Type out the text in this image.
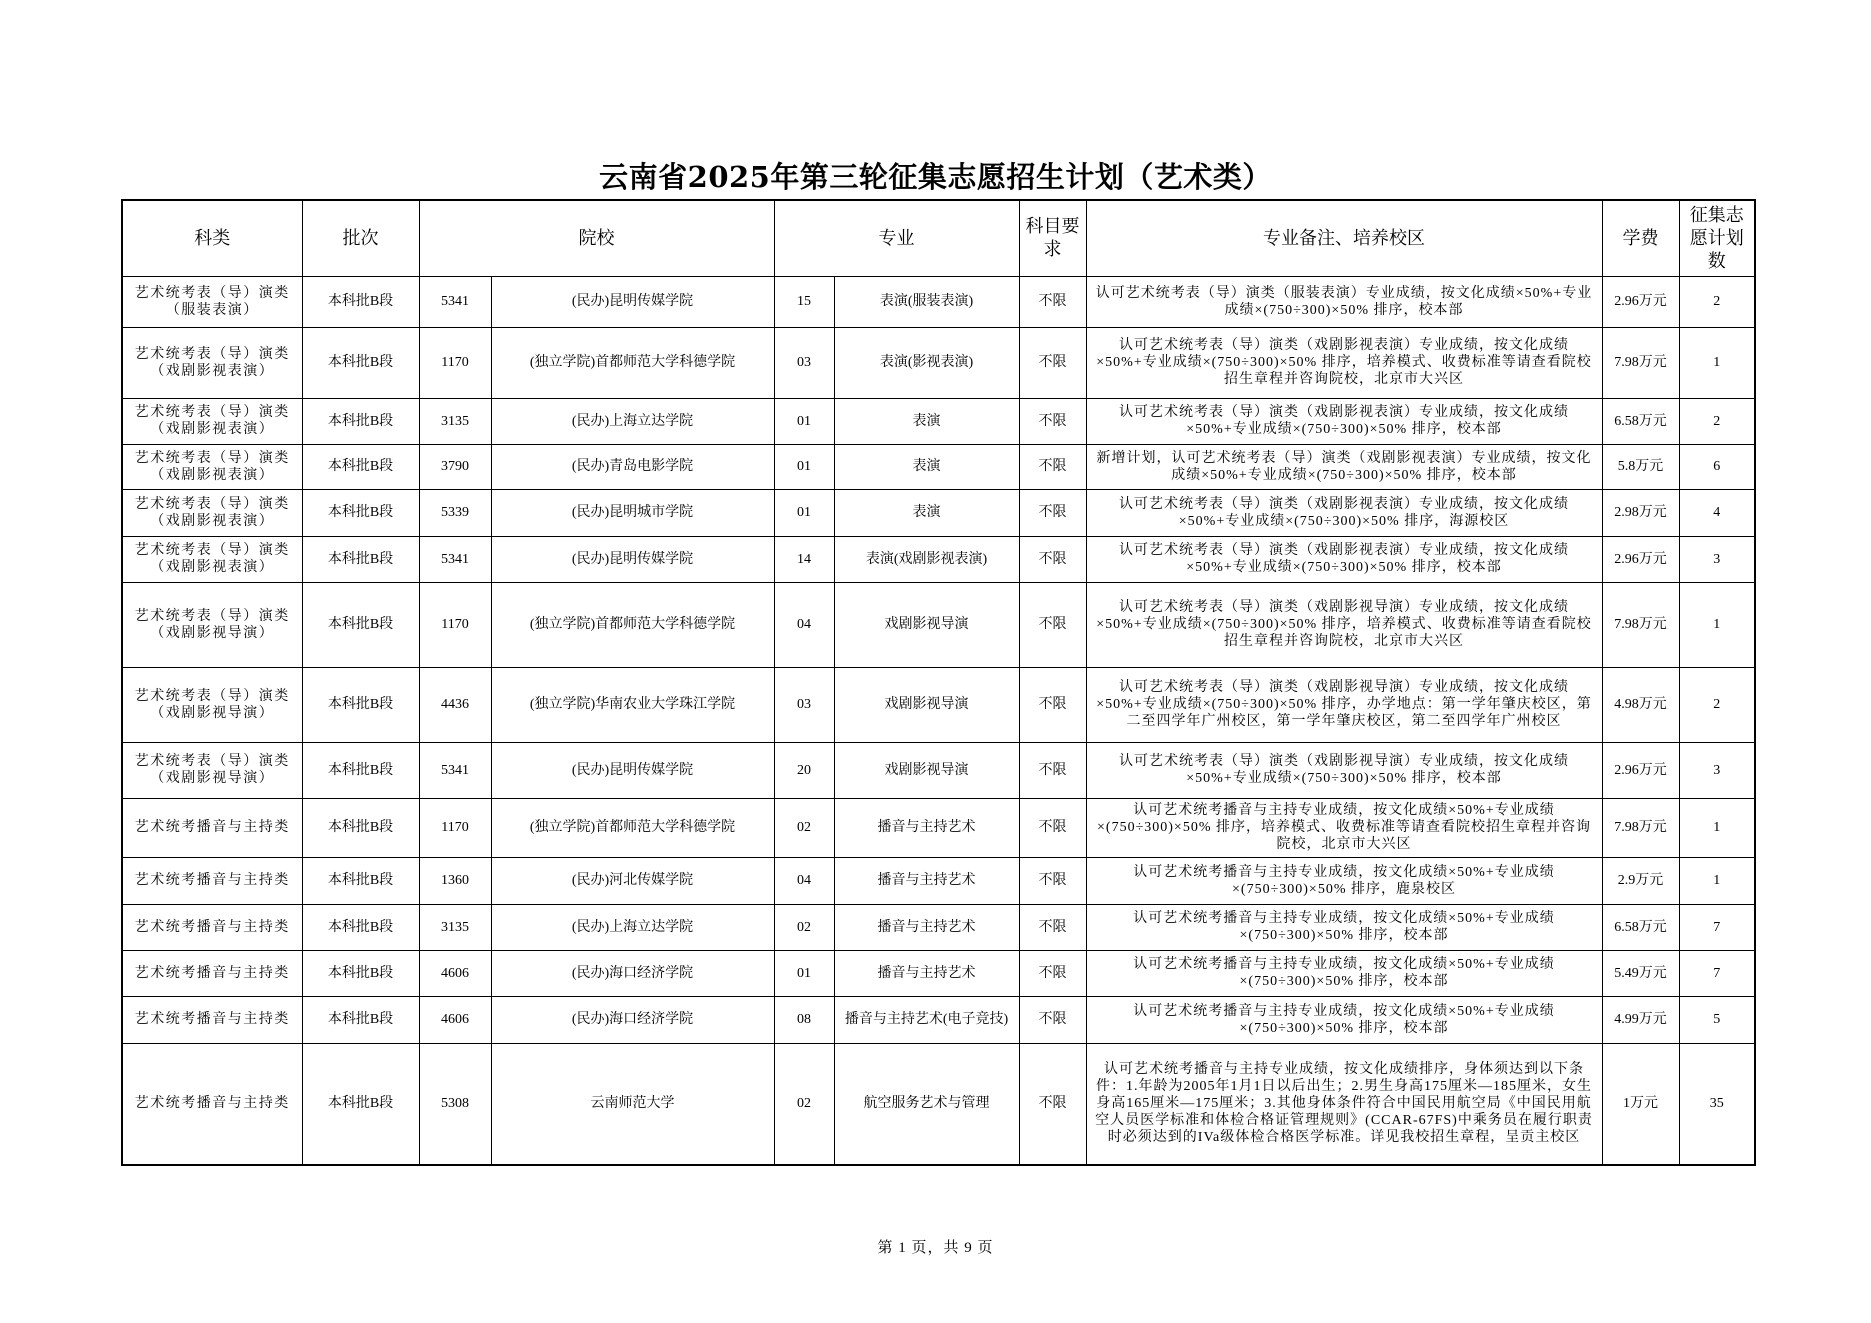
云南省2025年第三轮征集志愿招生计划（艺术类）
科类	批次	院校		专业		科目要求	专业备注、培养校区	学费	征集志愿计划数
艺术统考表（导）演类（服装表演）	本科批B段	5341	(民办)昆明传媒学院	15	表演(服装表演)	不限	认可艺术统考表（导）演类（服装表演）专业成绩，按文化成绩×50%+专业成绩×(750÷300)×50% 排序，校本部	2.96万元	2
艺术统考表（导）演类（戏剧影视表演）	本科批B段	1170	(独立学院)首都师范大学科德学院	03	表演(影视表演)	不限	认可艺术统考表（导）演类（戏剧影视表演）专业成绩，按文化成绩×50%+专业成绩×(750÷300)×50% 排序，培养模式、收费标准等请查看院校招生章程并咨询院校，北京市大兴区	7.98万元	1
艺术统考表（导）演类（戏剧影视表演）	本科批B段	3135	(民办)上海立达学院	01	表演	不限	认可艺术统考表（导）演类（戏剧影视表演）专业成绩，按文化成绩×50%+专业成绩×(750÷300)×50% 排序，校本部	6.58万元	2
艺术统考表（导）演类（戏剧影视表演）	本科批B段	3790	(民办)青岛电影学院	01	表演	不限	新增计划，认可艺术统考表（导）演类（戏剧影视表演）专业成绩，按文化成绩×50%+专业成绩×(750÷300)×50% 排序，校本部	5.8万元	6
艺术统考表（导）演类（戏剧影视表演）	本科批B段	5339	(民办)昆明城市学院	01	表演	不限	认可艺术统考表（导）演类（戏剧影视表演）专业成绩，按文化成绩×50%+专业成绩×(750÷300)×50% 排序，海源校区	2.98万元	4
艺术统考表（导）演类（戏剧影视表演）	本科批B段	5341	(民办)昆明传媒学院	14	表演(戏剧影视表演)	不限	认可艺术统考表（导）演类（戏剧影视表演）专业成绩，按文化成绩×50%+专业成绩×(750÷300)×50% 排序，校本部	2.96万元	3
艺术统考表（导）演类（戏剧影视导演）	本科批B段	1170	(独立学院)首都师范大学科德学院	04	戏剧影视导演	不限	认可艺术统考表（导）演类（戏剧影视导演）专业成绩，按文化成绩×50%+专业成绩×(750÷300)×50% 排序，培养模式、收费标准等请查看院校招生章程并咨询院校，北京市大兴区	7.98万元	1
艺术统考表（导）演类（戏剧影视导演）	本科批B段	4436	(独立学院)华南农业大学珠江学院	03	戏剧影视导演	不限	认可艺术统考表（导）演类（戏剧影视导演）专业成绩，按文化成绩×50%+专业成绩×(750÷300)×50% 排序，办学地点：第一学年肇庆校区，第二至四学年广州校区，第一学年肇庆校区，第二至四学年广州校区	4.98万元	2
艺术统考表（导）演类（戏剧影视导演）	本科批B段	5341	(民办)昆明传媒学院	20	戏剧影视导演	不限	认可艺术统考表（导）演类（戏剧影视导演）专业成绩，按文化成绩×50%+专业成绩×(750÷300)×50% 排序，校本部	2.96万元	3
艺术统考播音与主持类	本科批B段	1170	(独立学院)首都师范大学科德学院	02	播音与主持艺术	不限	认可艺术统考播音与主持专业成绩，按文化成绩×50%+专业成绩×(750÷300)×50% 排序，培养模式、收费标准等请查看院校招生章程并咨询院校，北京市大兴区	7.98万元	1
艺术统考播音与主持类	本科批B段	1360	(民办)河北传媒学院	04	播音与主持艺术	不限	认可艺术统考播音与主持专业成绩，按文化成绩×50%+专业成绩×(750÷300)×50% 排序，鹿泉校区	2.9万元	1
艺术统考播音与主持类	本科批B段	3135	(民办)上海立达学院	02	播音与主持艺术	不限	认可艺术统考播音与主持专业成绩，按文化成绩×50%+专业成绩×(750÷300)×50% 排序，校本部	6.58万元	7
艺术统考播音与主持类	本科批B段	4606	(民办)海口经济学院	01	播音与主持艺术	不限	认可艺术统考播音与主持专业成绩，按文化成绩×50%+专业成绩×(750÷300)×50% 排序，校本部	5.49万元	7
艺术统考播音与主持类	本科批B段	4606	(民办)海口经济学院	08	播音与主持艺术(电子竞技)	不限	认可艺术统考播音与主持专业成绩，按文化成绩×50%+专业成绩×(750÷300)×50% 排序，校本部	4.99万元	5
艺术统考播音与主持类	本科批B段	5308	云南师范大学	02	航空服务艺术与管理	不限	认可艺术统考播音与主持专业成绩，按文化成绩排序，身体须达到以下条件：1.年龄为2005年1月1日以后出生；2.男生身高175厘米—185厘米，女生身高165厘米—175厘米；3.其他身体条件符合中国民用航空局《中国民用航空人员医学标准和体检合格证管理规则》(CCAR-67FS)中乘务员在履行职责时必须达到的IVa级体检合格医学标准。详见我校招生章程，呈贡主校区	1万元	35
第 1 页，共 9 页
